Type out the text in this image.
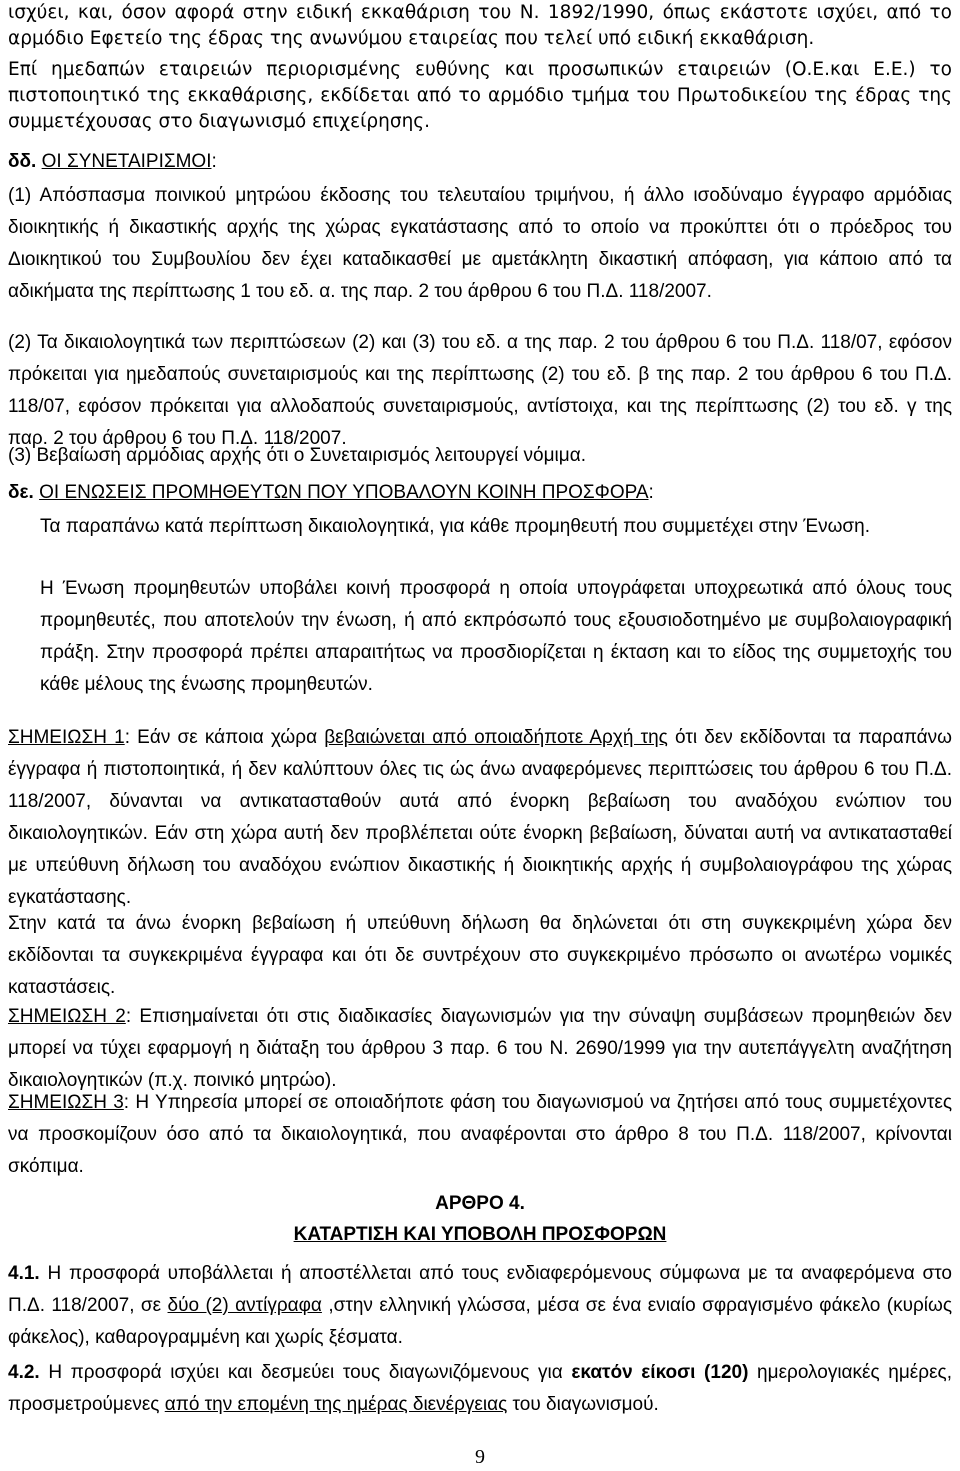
ισχύει, και, όσον αφορά στην ειδική εκκαθάριση του Ν. 1892/1990, όπως εκάστοτε ισχύει, από το αρμόδιο Εφετείο της έδρας της ανωνύμου εταιρείας που τελεί υπό ειδική εκκαθάριση.

Επί ημεδαπών εταιρειών περιορισμένης ευθύνης και προσωπικών εταιρειών (Ο.Ε.και Ε.Ε.) το πιστοποιητικό της εκκαθάρισης, εκδίδεται από το αρμόδιο τμήμα του Πρωτοδικείου της έδρας της συμμετέχουσας στο διαγωνισμό επιχείρησης.

δδ. ΟΙ ΣΥΝΕΤΑΙΡΙΣΜΟΙ:

(1) Απόσπασμα ποινικού μητρώου έκδοσης του τελευταίου τριμήνου, ή άλλο ισοδύναμο έγγραφο αρμόδιας διοικητικής ή δικαστικής αρχής της χώρας εγκατάστασης από το οποίο να προκύπτει ότι ο πρόεδρος του Διοικητικού του Συμβουλίου δεν έχει καταδικασθεί με αμετάκλητη δικαστική απόφαση, για κάποιο από τα αδικήματα της περίπτωσης 1 του εδ. α. της παρ. 2 του άρθρου 6 του Π.Δ. 118/2007.

(2) Τα δικαιολογητικά των περιπτώσεων (2) και (3) του εδ. α της παρ. 2 του άρθρου 6 του Π.Δ. 118/07, εφόσον πρόκειται για ημεδαπούς συνεταιρισμούς και της περίπτωσης (2) του εδ. β της παρ. 2 του άρθρου 6 του Π.Δ. 118/07, εφόσον πρόκειται για αλλοδαπούς συνεταιρισμούς, αντίστοιχα, και της περίπτωσης (2) του εδ. γ της παρ. 2 του άρθρου 6 του Π.Δ. 118/2007.

(3) Βεβαίωση αρμόδιας αρχής ότι ο Συνεταιρισμός λειτουργεί νόμιμα.

δε. ΟΙ ΕΝΩΣΕΙΣ ΠΡΟΜΗΘΕΥΤΩΝ ΠΟΥ ΥΠΟΒΑΛΟΥΝ ΚΟΙΝΗ ΠΡΟΣΦΟΡΑ:

Τα παραπάνω κατά περίπτωση δικαιολογητικά, για κάθε προμηθευτή που συμμετέχει στην Ένωση.

Η Ένωση προμηθευτών υποβάλει κοινή προσφορά η οποία υπογράφεται υποχρεωτικά από όλους τους προμηθευτές, που αποτελούν την ένωση, ή από εκπρόσωπό τους εξουσιοδοτημένο με συμβολαιογραφική πράξη. Στην προσφορά πρέπει απαραιτήτως να προσδιορίζεται η έκταση και το είδος της συμμετοχής του κάθε μέλους της ένωσης προμηθευτών.

ΣΗΜΕΙΩΣΗ 1: Εάν σε κάποια χώρα βεβαιώνεται από οποιαδήποτε Αρχή της ότι δεν εκδίδονται τα παραπάνω έγγραφα ή πιστοποιητικά, ή δεν καλύπτουν όλες τις ώς άνω αναφερόμενες περιπτώσεις του άρθρου 6 του Π.Δ. 118/2007, δύνανται να αντικατασταθούν αυτά από ένορκη βεβαίωση του αναδόχου ενώπιον του δικαιολογητικών. Εάν στη χώρα αυτή δεν προβλέπεται ούτε ένορκη βεβαίωση, δύναται αυτή να αντικατασταθεί με υπεύθυνη δήλωση του αναδόχου ενώπιον δικαστικής ή διοικητικής αρχής ή συμβολαιογράφου της χώρας εγκατάστασης.

Στην κατά τα άνω ένορκη βεβαίωση ή υπεύθυνη δήλωση θα δηλώνεται ότι στη συγκεκριμένη χώρα δεν εκδίδονται τα συγκεκριμένα έγγραφα και ότι δε συντρέχουν στο συγκεκριμένο πρόσωπο οι ανωτέρω νομικές καταστάσεις.

ΣΗΜΕΙΩΣΗ 2: Επισημαίνεται ότι στις διαδικασίες διαγωνισμών για την σύναψη συμβάσεων προμηθειών δεν μπορεί να τύχει εφαρμογή η διάταξη του άρθρου 3 παρ. 6 του Ν. 2690/1999 για την αυτεπάγγελτη αναζήτηση δικαιολογητικών (π.χ. ποινικό μητρώο).

ΣΗΜΕΙΩΣΗ 3: Η Υπηρεσία μπορεί σε οποιαδήποτε φάση του διαγωνισμού να ζητήσει από τους συμμετέχοντες να προσκομίζουν όσο από τα δικαιολογητικά, που αναφέρονται στο άρθρο 8 του Π.Δ. 118/2007, κρίνονται σκόπιμα.

ΑΡΘΡΟ 4.

ΚΑΤΑΡΤΙΣΗ ΚΑΙ ΥΠΟΒΟΛΗ ΠΡΟΣΦΟΡΩΝ

4.1. Η προσφορά υποβάλλεται ή αποστέλλεται από τους ενδιαφερόμενους σύμφωνα με τα αναφερόμενα στο Π.Δ. 118/2007, σε δύο (2) αντίγραφα ,στην ελληνική γλώσσα, μέσα σε ένα ενιαίο σφραγισμένο φάκελο (κυρίως φάκελος), καθαρογραμμένη και χωρίς ξέσματα.

4.2. Η προσφορά ισχύει και δεσμεύει τους διαγωνιζόμενους για εκατόν είκοσι (120) ημερολογιακές ημέρες, προσμετρούμενες από την επομένη της ημέρας διενέργειας του διαγωνισμού.

9
